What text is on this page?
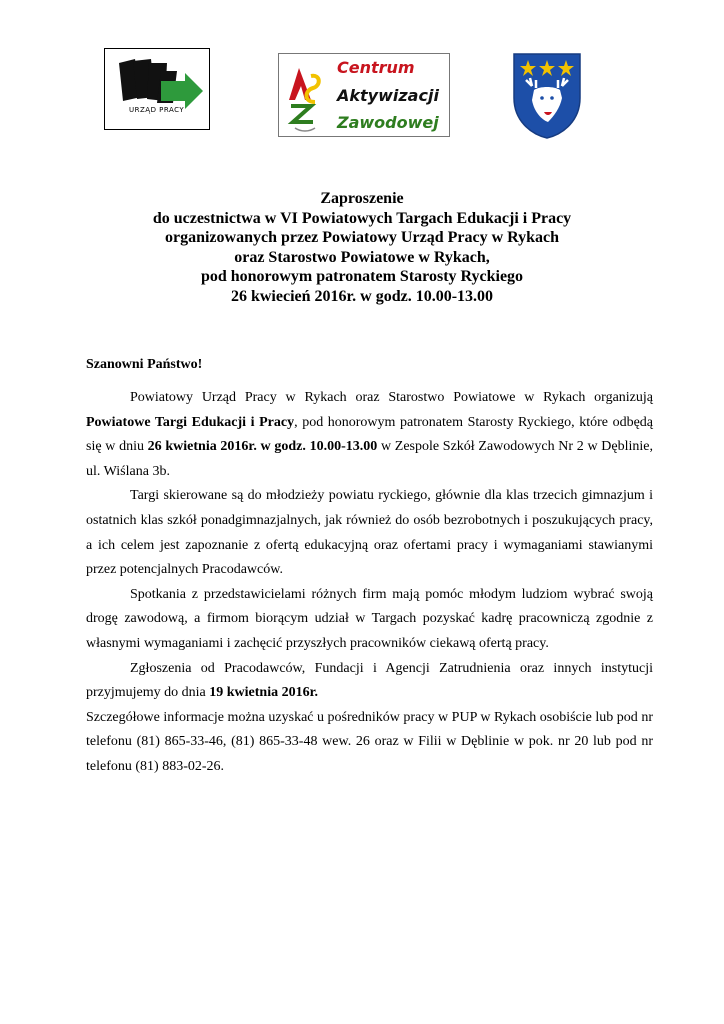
URZĄD PRACY
Centrum
Aktywizacji
Zawodowej
Zaproszenie
do uczestnictwa w VI Powiatowych Targach Edukacji i Pracy
organizowanych przez Powiatowy Urząd Pracy w Rykach
oraz Starostwo Powiatowe w Rykach,
pod honorowym patronatem Starosty Ryckiego
26 kwiecień 2016r. w godz. 10.00-13.00
Szanowni Państwo!

Powiatowy Urząd Pracy w Rykach oraz Starostwo Powiatowe w Rykach organizują Powiatowe Targi Edukacji i Pracy, pod honorowym patronatem Starosty Ryckiego, które odbędą się w dniu 26 kwietnia 2016r. w godz. 10.00-13.00 w Zespole Szkół Zawodowych Nr 2 w Dęblinie, ul. Wiślana 3b.

Targi skierowane są do młodzieży powiatu ryckiego, głównie dla klas trzecich gimnazjum i ostatnich klas szkół ponadgimnazjalnych, jak również do osób bezrobotnych i poszukujących pracy, a ich celem jest zapoznanie z ofertą edukacyjną oraz ofertami pracy i wymaganiami stawianymi przez potencjalnych Pracodawców.

Spotkania z przedstawicielami różnych firm mają pomóc młodym ludziom wybrać swoją drogę zawodową, a firmom biorącym udział w Targach pozyskać kadrę pracowniczą zgodnie z własnymi wymaganiami i zachęcić przyszłych pracowników ciekawą ofertą pracy.

Zgłoszenia od Pracodawców, Fundacji i Agencji Zatrudnienia oraz innych instytucji przyjmujemy do dnia 19 kwietnia 2016r.

Szczegółowe informacje można uzyskać u pośredników pracy w PUP w Rykach osobiście lub pod nr telefonu (81) 865-33-46, (81) 865-33-48 wew. 26 oraz w Filii w Dęblinie w pok. nr 20 lub pod nr telefonu (81) 883-02-26.
